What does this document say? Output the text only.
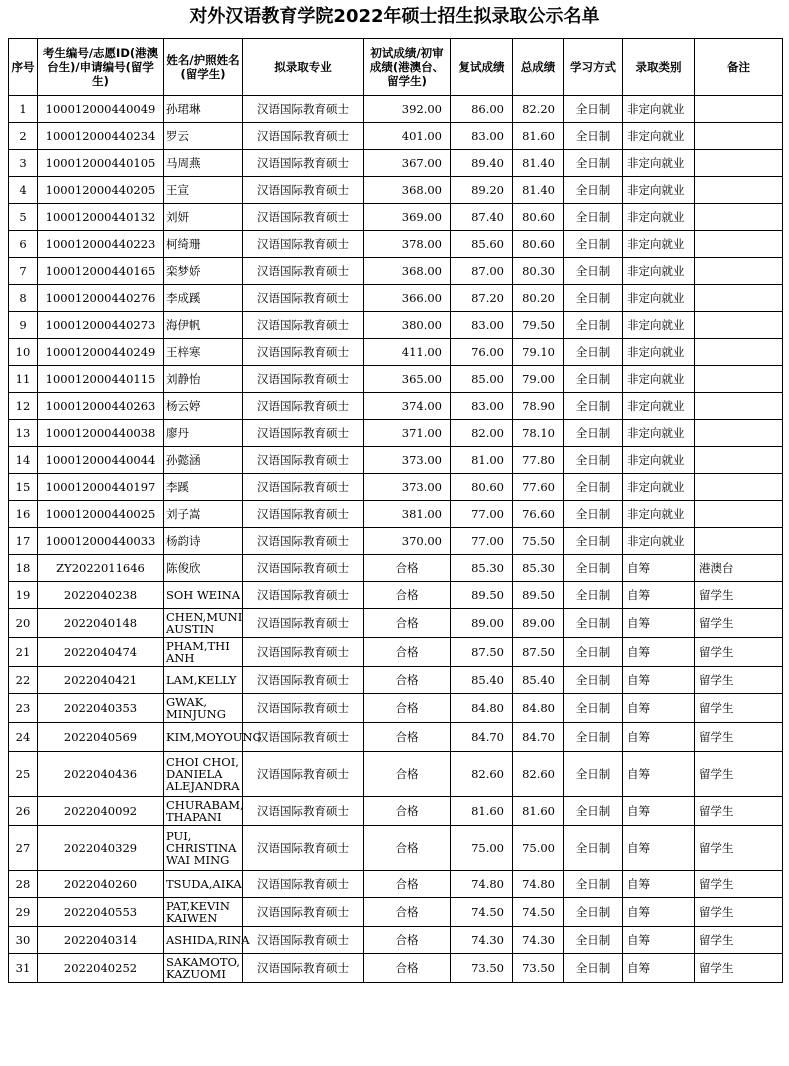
对外汉语教育学院2022年硕士招生拟录取公示名单
序号	考生编号/志愿ID(港澳台生)/申请编号(留学生)	姓名/护照姓名(留学生)	拟录取专业	初试成绩/初审成绩(港澳台、留学生)	复试成绩	总成绩	学习方式	录取类别	备注
1	100012000440049	孙珺琳	汉语国际教育硕士	392.00	86.00	82.20	全日制	非定向就业	
2	100012000440234	罗云	汉语国际教育硕士	401.00	83.00	81.60	全日制	非定向就业	
3	100012000440105	马周燕	汉语国际教育硕士	367.00	89.40	81.40	全日制	非定向就业	
4	100012000440205	王宣	汉语国际教育硕士	368.00	89.20	81.40	全日制	非定向就业	
5	100012000440132	刘妍	汉语国际教育硕士	369.00	87.40	80.60	全日制	非定向就业	
6	100012000440223	柯绮珊	汉语国际教育硕士	378.00	85.60	80.60	全日制	非定向就业	
7	100012000440165	栾梦娇	汉语国际教育硕士	368.00	87.00	80.30	全日制	非定向就业	
8	100012000440276	李成蹊	汉语国际教育硕士	366.00	87.20	80.20	全日制	非定向就业	
9	100012000440273	海伊帆	汉语国际教育硕士	380.00	83.00	79.50	全日制	非定向就业	
10	100012000440249	王梓寒	汉语国际教育硕士	411.00	76.00	79.10	全日制	非定向就业	
11	100012000440115	刘静怡	汉语国际教育硕士	365.00	85.00	79.00	全日制	非定向就业	
12	100012000440263	杨云婷	汉语国际教育硕士	374.00	83.00	78.90	全日制	非定向就业	
13	100012000440038	廖丹	汉语国际教育硕士	371.00	82.00	78.10	全日制	非定向就业	
14	100012000440044	孙懿涵	汉语国际教育硕士	373.00	81.00	77.80	全日制	非定向就业	
15	100012000440197	李蹊	汉语国际教育硕士	373.00	80.60	77.60	全日制	非定向就业	
16	100012000440025	刘子嵩	汉语国际教育硕士	381.00	77.00	76.60	全日制	非定向就业	
17	100012000440033	杨韵诗	汉语国际教育硕士	370.00	77.00	75.50	全日制	非定向就业	
18	ZY2022011646	陈俊欣	汉语国际教育硕士	合格	85.30	85.30	全日制	自筹	港澳台
19	2022040238	SOH WEINA	汉语国际教育硕士	合格	89.50	89.50	全日制	自筹	留学生
20	2022040148	CHEN,MUNI AUSTIN	汉语国际教育硕士	合格	89.00	89.00	全日制	自筹	留学生
21	2022040474	PHAM,THI ANH	汉语国际教育硕士	合格	87.50	87.50	全日制	自筹	留学生
22	2022040421	LAM,KELLY	汉语国际教育硕士	合格	85.40	85.40	全日制	自筹	留学生
23	2022040353	GWAK, MINJUNG	汉语国际教育硕士	合格	84.80	84.80	全日制	自筹	留学生
24	2022040569	KIM,MOYOUNG	汉语国际教育硕士	合格	84.70	84.70	全日制	自筹	留学生
25	2022040436	CHOI CHOI, DANIELA ALEJANDRA	汉语国际教育硕士	合格	82.60	82.60	全日制	自筹	留学生
26	2022040092	CHURABAM, THAPANI	汉语国际教育硕士	合格	81.60	81.60	全日制	自筹	留学生
27	2022040329	PUI, CHRISTINA WAI MING	汉语国际教育硕士	合格	75.00	75.00	全日制	自筹	留学生
28	2022040260	TSUDA,AIKA	汉语国际教育硕士	合格	74.80	74.80	全日制	自筹	留学生
29	2022040553	PAT,KEVIN KAIWEN	汉语国际教育硕士	合格	74.50	74.50	全日制	自筹	留学生
30	2022040314	ASHIDA,RINA	汉语国际教育硕士	合格	74.30	74.30	全日制	自筹	留学生
31	2022040252	SAKAMOTO, KAZUOMI	汉语国际教育硕士	合格	73.50	73.50	全日制	自筹	留学生
